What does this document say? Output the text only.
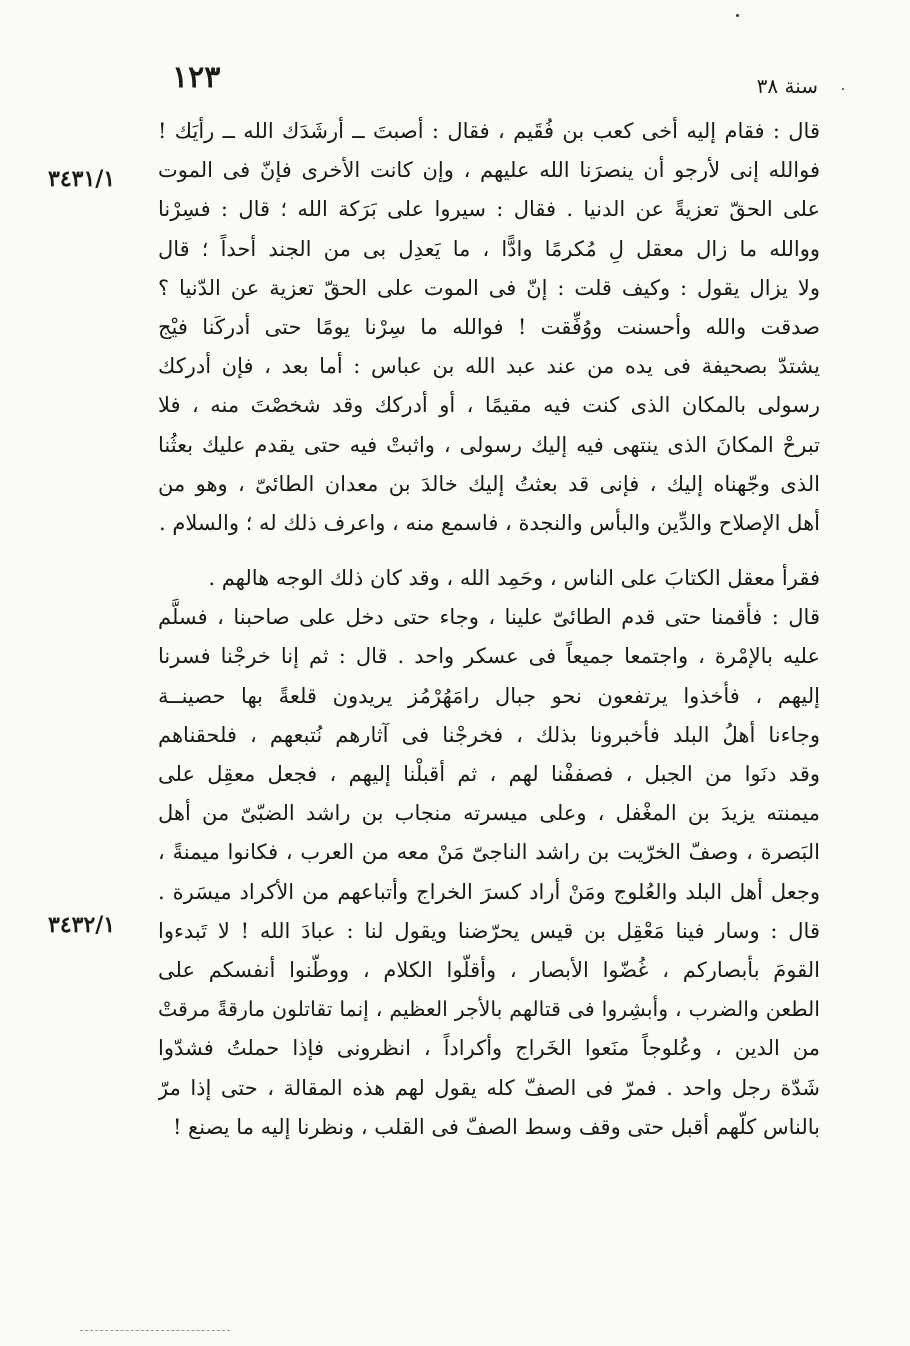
١٢٣	سنة ٣٨
٣٤٣١/١
٣٤٣٢/١
قال : فقام إليه أخى كعب بن فُقَيم ، فقال : أصبتَ ــ أرشَدَك الله ــ رأيَك !
فوالله إنى لأرجو أن ينصرَنا الله عليهم ، وإن كانت الأخرى فإنّ فى الموت
على الحقّ تعزيةً عن الدنيا . فقال : سيروا على بَرَكة الله ؛ قال : فسِرْنا
ووالله ما زال معقل لِ مُكرمًا وادًّا ، ما يَعدِل بى من الجند أحداً ؛ قال
ولا يزال يقول : وكيف قلت : إنّ فى الموت على الحقّ تعزية عن الدّنيا ؟
صدقت والله وأحسنت ووُفِّقت ! فوالله ما سِرْنا يومًا حتى أدركَنا فيْج
يشتدّ بصحيفة فى يده من عند عبد الله بن عباس : أما بعد ، فإن أدركك
رسولى بالمكان الذى كنت فيه مقيمًا ، أو أدركك وقد شخصْتَ منه ، فلا
تبرحْ المكانَ الذى ينتهى فيه إليك رسولى ، واثبتْ فيه حتى يقدم عليك بعثُنا
الذى وجّهناه إليك ، فإنى قد بعثتُ إليك خالدَ بن معدان الطائىّ ، وهو من
أهل الإصلاح والدِّين والبأس والنجدة ، فاسمع منه ، واعرف ذلك له ؛ والسلام .
فقرأ معقل الكتابَ على الناس ، وحَمِد الله ، وقد كان ذلك الوجه هالهم .
قال : فأقمنا حتى قدم الطائىّ علينا ، وجاء حتى دخل على صاحبنا ، فسلَّم
عليه بالإمْرة ، واجتمعا جميعاً فى عسكر واحد . قال : ثم إنا خرجْنا فسرنا
إليهم ، فأخذوا يرتفعون نحو جبال رامَهُرْمُز يريدون قلعةً بها حصينــة
وجاءنا أهلُ البلد فأخبرونا بذلك ، فخرجْنا فى آثارهم نُتبعهم ، فلحقناهم
وقد دنَوا من الجبل ، فصففْنا لهم ، ثم أقبلْنا إليهم ، فجعل معقِل على
ميمنته يزيدَ بن المغْفل ، وعلى ميسرته منجاب بن راشد الضبّىّ من أهل
البَصرة ، وصفّ الخرّيت بن راشد الناجىّ مَنْ معه من العرب ، فكانوا ميمنةً ،
وجعل أهل البلد والعُلوج ومَنْ أراد كسرَ الخراج وأتباعهم من الأكراد ميسَرة .
قال : وسار فينا مَعْقِل بن قيس يحرّضنا ويقول لنا : عبادَ الله ! لا تَبدءوا
القومَ بأبصاركم ، غُضّوا الأبصار ، وأقلّوا الكلام ، ووطّنوا أنفسكم على
الطعن والضرب ، وأبشِروا فى قتالهم بالأجر العظيم ، إنما تقاتلون مارقةً مرقتْ
من الدين ، وعُلوجاً منَعوا الخَراج وأكراداً ، انظرونى فإذا حملتُ فشدّوا
شَدّة رجل واحد . فمرّ فى الصفّ كله يقول لهم هذه المقالة ، حتى إذا مرّ
بالناس كلّهم أقبل حتى وقف وسط الصفّ فى القلب ، ونظرنا إليه ما يصنع !
